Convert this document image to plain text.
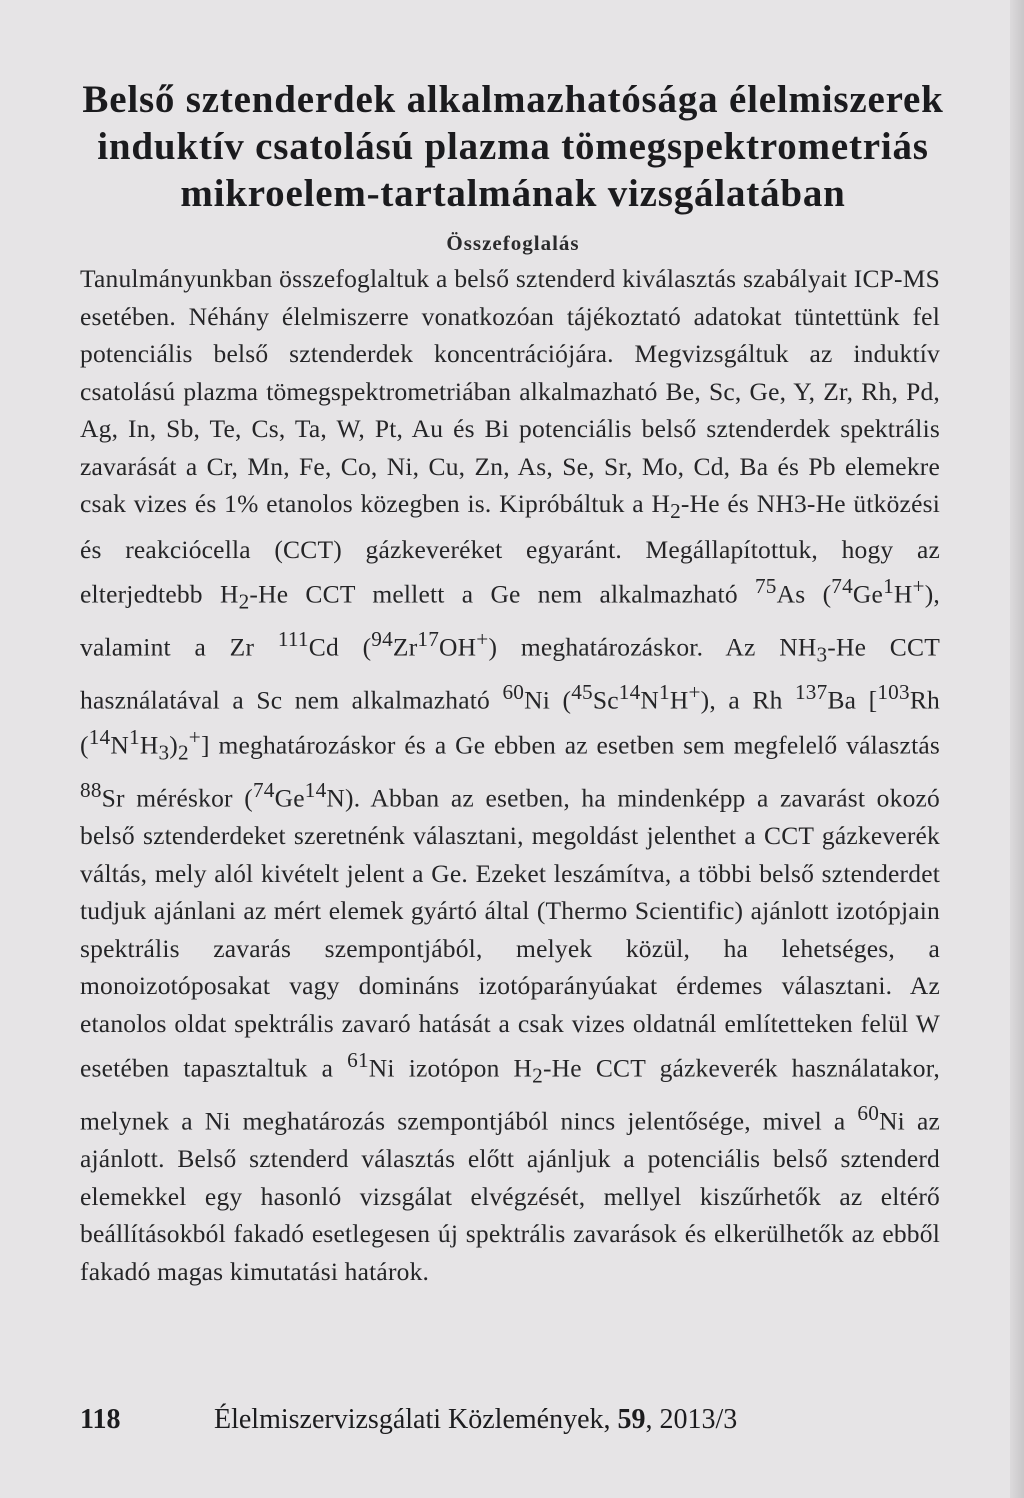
Belső sztenderdek alkalmazhatósága élelmiszerek
induktív csatolású plazma tömegspektrometriás
mikroelem-tartalmának vizsgálatában
Összefoglalás

Tanulmányunkban összefoglaltuk a belső sztenderd kiválasztás szabályait ICP-MS esetében. Néhány élelmiszerre vonatkozóan tájékoztató adatokat tüntettünk fel potenciális belső sztenderdek koncentrációjára. Megvizsgáltuk az induktív csatolású plazma tömegspektrometriában alkalmazható Be, Sc, Ge, Y, Zr, Rh, Pd, Ag, In, Sb, Te, Cs, Ta, W, Pt, Au és Bi potenciális belső sztenderdek spektrális zavarását a Cr, Mn, Fe, Co, Ni, Cu, Zn, As, Se, Sr, Mo, Cd, Ba és Pb elemekre csak vizes és 1% etanolos közegben is. Kipróbáltuk a $H_2-He$ és NH3-He ütközési és reakciócella (CCT) gázkeveréket egyaránt. Megállapítottuk, hogy az elterjedtebb $H_2-He$ CCT mellett a Ge nem alkalmazható $^{75}$As ($^{74}$Ge$^1$H+), valamint a Zr $^{111}$Cd ($^{94}$Zr$^{17}$OH+) meghatározáskor. Az $NH_3-He$ CCT használatával a Sc nem alkalmazható $^{60}$Ni $(^{45}Sc^{14}N^1H^+)$, a Rh $^{137}$Ba [$^{103}$Rh $(^{14}N^1H_3)_2^+$] meghatározáskor és a Ge ebben az esetben sem megfelelő választás $^{88}$Sr méréskor ($^{74}$Ge$^{14}$N). Abban az esetben, ha mindenképp a zavarást okozó belső sztenderdeket szeretnénk választani, megoldást jelenthet a CCT gázkeverék váltás, mely alól kivételt jelent a Ge. Ezeket leszámítva, a többi belső sztenderdet tudjuk ajánlani az mért elemek gyártó által (Thermo Scientific) ajánlott izotópjain spektrális zavarás szempontjából, melyek közül, ha lehetséges, a monoizotóposakat vagy domináns izotóparányúakat érdemes választani. Az etanolos oldat spektrális zavaró hatását a csak vizes oldatnál említetteken felül W esetében tapasztaltuk a $^{61}$Ni izotópon $H_2-He$ CCT gázkeverék használatakor, melynek a Ni meghatározás szempontjából nincs jelentősége, mivel a $^{60}$Ni az ajánlott. Belső sztenderd választás előtt ajánljuk a potenciális belső sztenderd elemekkel egy hasonló vizsgálat elvégzését, mellyel kiszűrhetők az eltérő beállításokból fakadó esetlegesen új spektrális zavarások és elkerülhetők az ebből fakadó magas kimutatási határok.

118	Élelmiszervizsgálati Közlemények, 59, 2013/3
